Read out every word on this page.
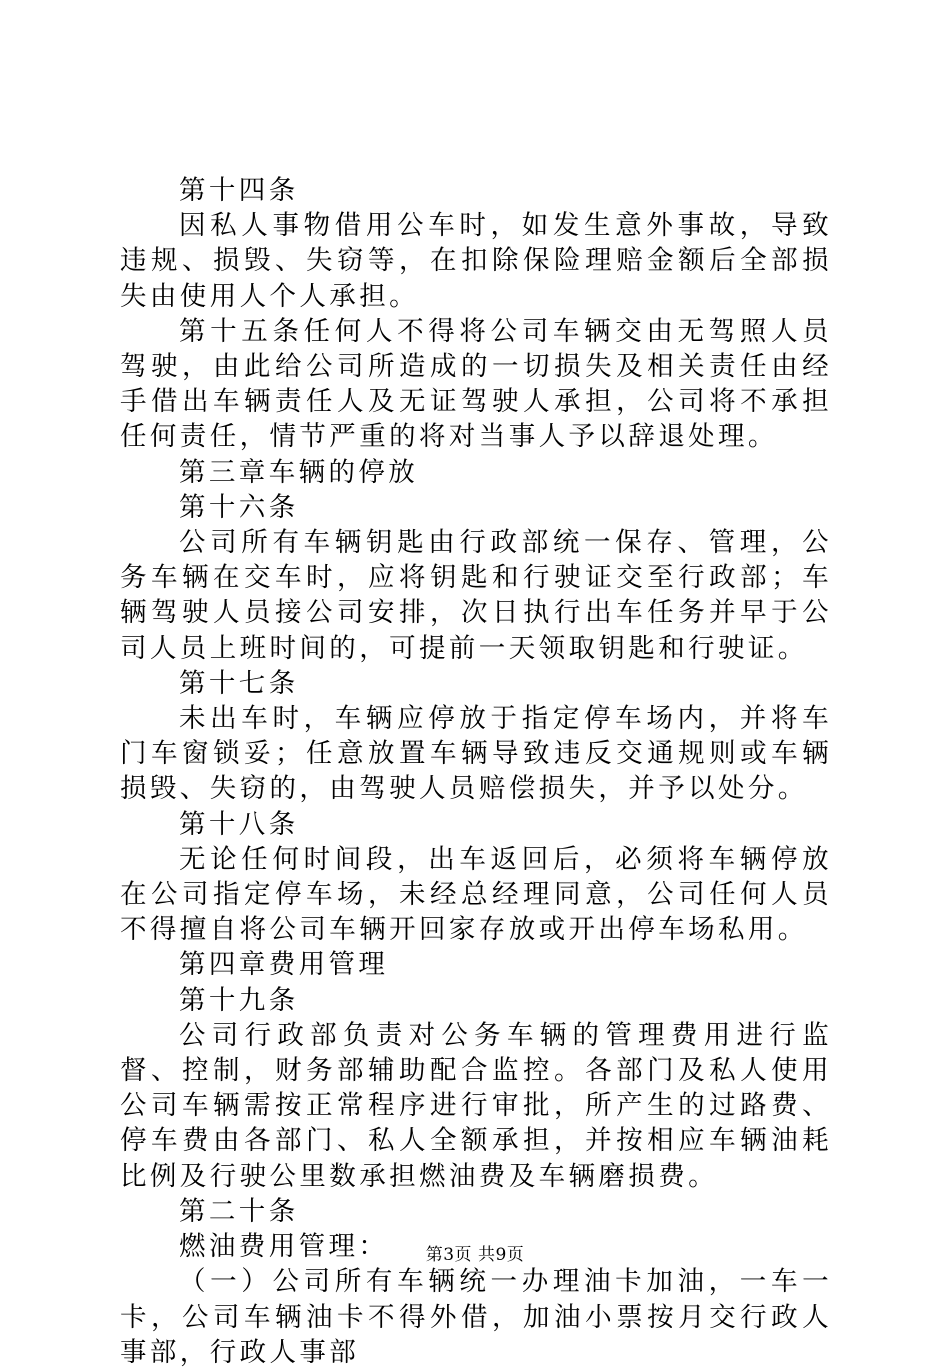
第十四条

因私人事物借用公车时，如发生意外事故，导致违规、损毁、失窃等，在扣除保险理赔金额后全部损失由使用人个人承担。

第十五条任何人不得将公司车辆交由无驾照人员驾驶，由此给公司所造成的一切损失及相关责任由经手借出车辆责任人及无证驾驶人承担，公司将不承担任何责任，情节严重的将对当事人予以辞退处理。

第三章车辆的停放

第十六条

公司所有车辆钥匙由行政部统一保存、管理，公务车辆在交车时，应将钥匙和行驶证交至行政部；车辆驾驶人员接公司安排，次日执行出车任务并早于公司人员上班时间的，可提前一天领取钥匙和行驶证。

第十七条

未出车时，车辆应停放于指定停车场内，并将车门车窗锁妥；任意放置车辆导致违反交通规则或车辆损毁、失窃的，由驾驶人员赔偿损失，并予以处分。

第十八条

无论任何时间段，出车返回后，必须将车辆停放在公司指定停车场，未经总经理同意，公司任何人员不得擅自将公司车辆开回家存放或开出停车场私用。

第四章费用管理

第十九条

公司行政部负责对公务车辆的管理费用进行监督、控制，财务部辅助配合监控。各部门及私人使用公司车辆需按正常程序进行审批，所产生的过路费、停车费由各部门、私人全额承担，并按相应车辆油耗比例及行驶公里数承担燃油费及车辆磨损费。

第二十条

燃油费用管理：

（一）公司所有车辆统一办理油卡加油，一车一卡，公司车辆油卡不得外借，加油小票按月交行政人事部，行政人事部

第3页 共9页
